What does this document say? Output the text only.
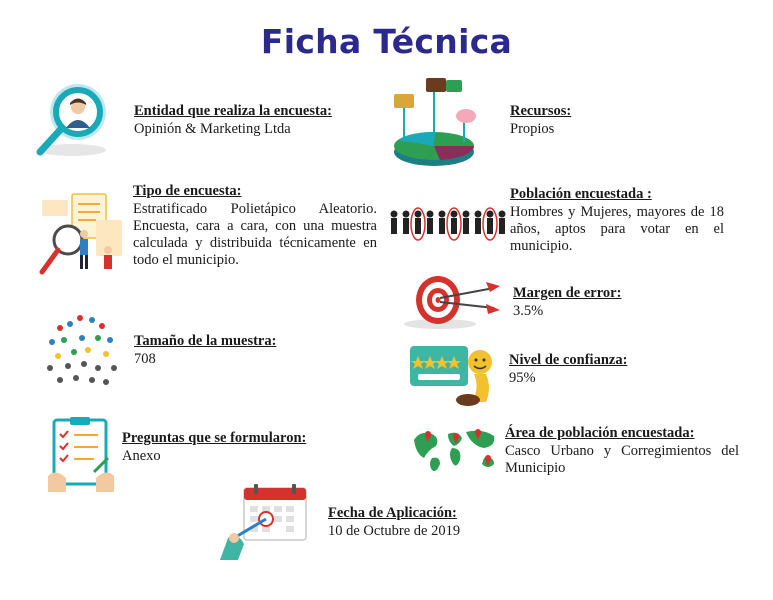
Ficha Técnica
Entidad que realiza la encuesta:
Opinión & Marketing Ltda
Tipo de encuesta:
Estratificado Polietápico Aleatorio. Encuesta, cara a cara, con una muestra calculada y distribuida técnicamente en todo el municipio.
Tamaño de la muestra:
708
Preguntas que se formularon:
Anexo
Recursos:
Propios
Población encuestada :
Hombres y Mujeres, mayores de 18 años, aptos para votar en el municipio.
Margen de error:
3.5%
Nivel de confianza:
95%
Área de población encuestada:
Casco Urbano y Corregimientos del Municipio
Fecha de Aplicación:
10 de Octubre de 2019
